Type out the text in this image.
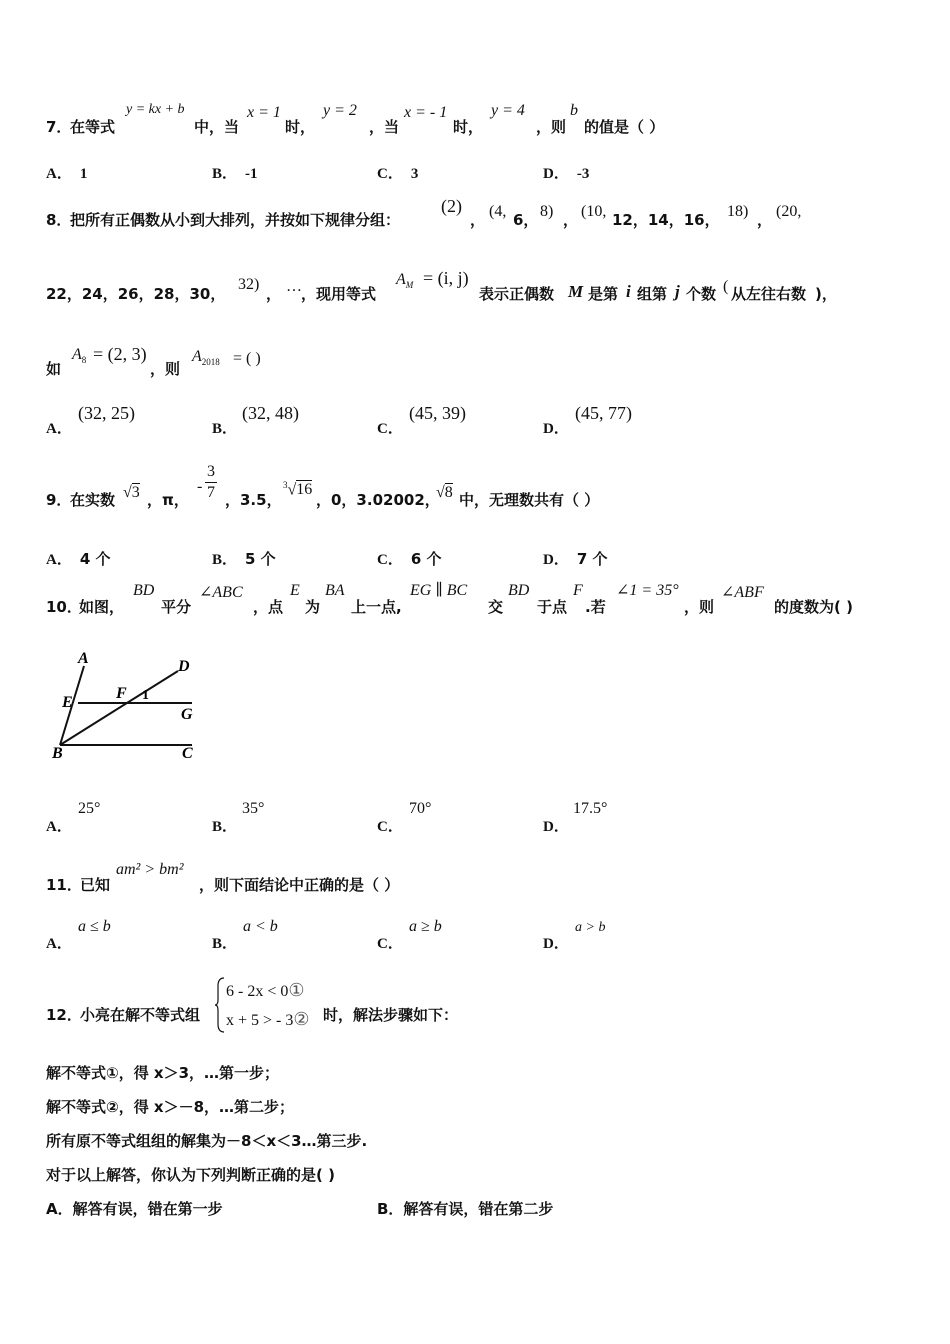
7．
在等式
y = kx + b
中，当
x = 1
时，
y = 2
，当
x = - 1
时，
y = 4
，则
b
的值是（ ）
A． 1	B． -1	C． 3	D． -3
8．
把所有正偶数从小到大排列，并按如下规律分组：
(2)
， (4, 6， 8) ， (10, 12，14，16， 18) ， (20,
22，24，26，28，30，
32)
， … ，现用等式
$A_M = (i$, j)
表示正偶数 M 是第 i 组第 j 个数 ( 从左往右数 )，
如
$A_8 = (2$, 3)
，则
$A_{2018}$ = ( )
A．
(32, 25)
B．
(32, 48)
C．
(45, 39)
D．
(45, 77)
9．
在实数 √3 ，π，
- $\frac{3}{7}$ ，3.5，
$^3$√16
，0，3.02002，
√8 中，无理数共有（ ）
A． 4 个	B． 5 个	C． 6 个	D． 7 个
10．
如图，
BD
平分
∠ABC
，点
E
为
BA
上一点,
EG ∥ BC
交
BD
于点
F
.若
∠1 = 35°
，则
∠ABF
的度数为( )
A	D
E
F 1
G
B	C
A．
25°
B．
35°
C．
70°
D．
17.5°
11．
已知
am² > bm²
，则下面结论中正确的是（ ）
A．
a ≤ b
B．
a < b
C．
a ≥ b
D．
a > b
12．
小亮在解不等式组
6 - 2x < 0①
x + 5 > - 3② 时，解法步骤如下：
解不等式①，得 x＞3，…第一步；
解不等式②，得 x＞－8，…第二步；
所有原不等式组组的解集为－8＜x＜3…第三步.
对于以上解答，你认为下列判断正确的是( )
A．解答有误，错在第一步	B．解答有误，错在第二步
